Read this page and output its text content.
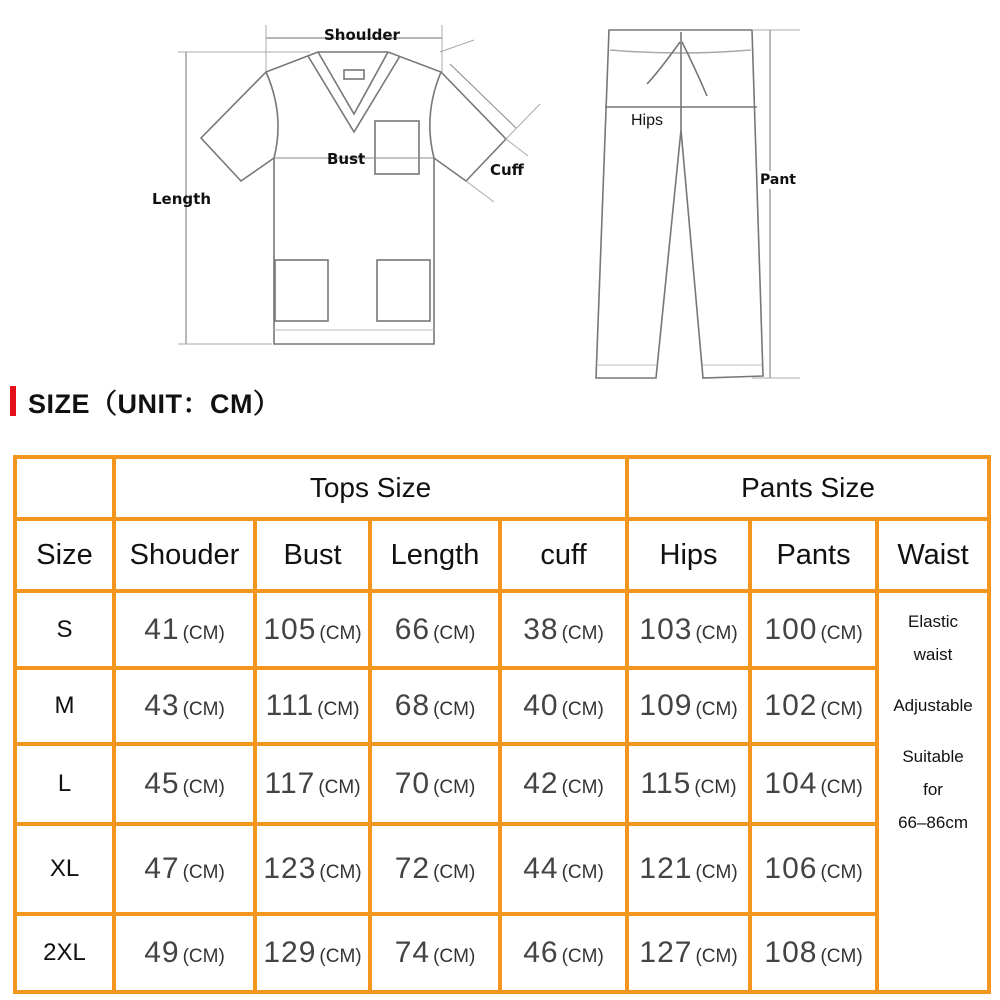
Shoulder
Bust
Length
Cuff
Hips
Pant
SIZE（UNIT：CM）
	Tops Size				Pants Size		
Size	Shouder	Bust	Length	cuff	Hips	Pants	Waist
S	41 (CM)	105 (CM)	66 (CM)	38 (CM)	103 (CM)	100 (CM)	
Elastic
waist
Adjustable
Suitable
for
66–86cm

M	43 (CM)	111 (CM)	68 (CM)	40 (CM)	109 (CM)	102 (CM)	
L	45 (CM)	117 (CM)	70 (CM)	42 (CM)	115 (CM)	104 (CM)	
XL	47 (CM)	123 (CM)	72 (CM)	44 (CM)	121 (CM)	106 (CM)	
2XL	49 (CM)	129 (CM)	74 (CM)	46 (CM)	127 (CM)	108 (CM)	
